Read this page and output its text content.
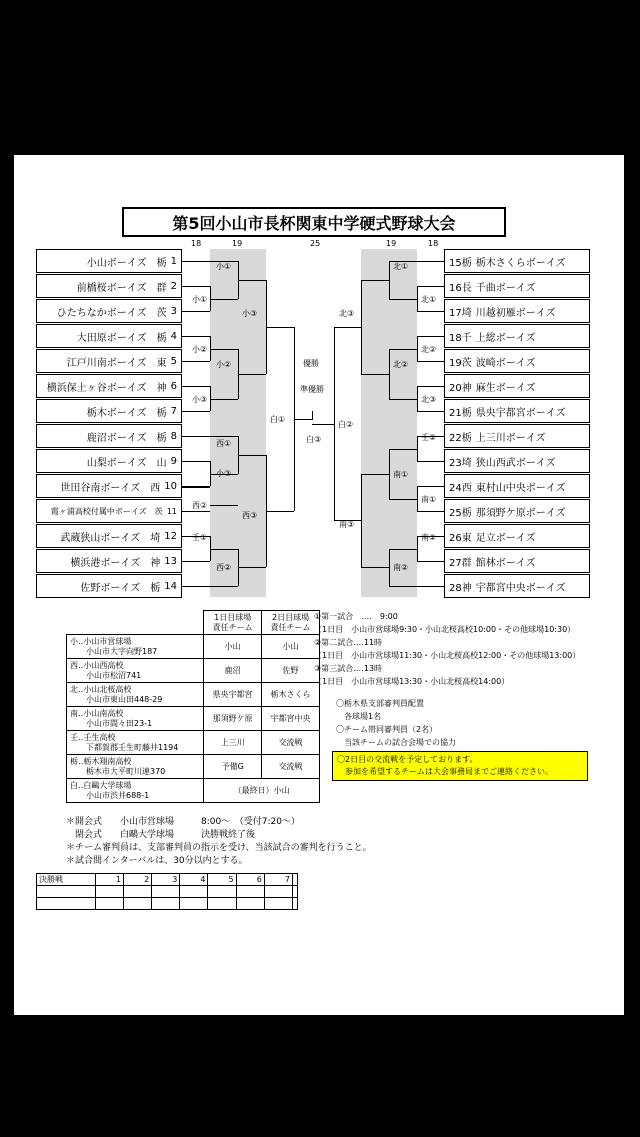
第5回小山市長杯関東中学硬式野球大会
18	19	25	19	18
小山ボーイズ　栃 1
前橋桜ボーイズ　群 2
ひたちなかボーイズ　茨 3
大田原ボーイズ　栃 4
江戸川南ボーイズ　東 5
横浜保土ヶ谷ボーイズ　神 6
栃木ボーイズ　栃 7
鹿沼ボーイズ　栃 8
山梨ボーイズ　山 9
世田谷南ボーイズ　西 10
霞ヶ浦高校付属中ボーイズ　茨 11
武蔵狭山ボーイズ　埼 12
横浜港ボーイズ　神 13
佐野ボーイズ　栃 14
15栃 栃木さくらボーイズ
16長 千曲ボーイズ
17埼 川越初雁ボーイズ
18千 上総ボーイズ
19茨 波崎ボーイズ
20神 麻生ボーイズ
21栃 県央宇都宮ボーイズ
22栃 上三川ボーイズ
23埼 狭山西武ボーイズ
24西 東村山中央ボーイズ
25栃 那須野ケ原ボーイズ
26東 足立ボーイズ
27群 館林ボーイズ
28神 宇都宮中央ボーイズ
小①
小①
小②
小③
小②
小③
西①
小③
壬①
西②
西②
西③
白①
北①
北①
北②
北③
北②
北③
壬②
南①
南①
南②
南②
南③
白②
白③
優勝
準優勝
	1日目球場
責任チーム	2日目球場
責任チーム

小‥小山市営球場
小山市大字向野187	小山	小山

西‥小山西高校
小山市松沼741	鹿沼	佐野

北‥小山北桜高校
小山市東山田448-29	県央宇都宮	栃木さくら

南‥小山南高校
小山市間々田23-1	那須野ケ原	宇都宮中央

壬‥壬生高校
下都賀郡壬生町藤井1194	上三川	交流戦

栃‥栃木翔南高校
栃木市大平町川連370	予備G	交流戦

白‥白鷗大学球場
小山市渋井688-1	（最終日）小山	
①第一試合　‥‥　9:00
（1日目　小山市営球場9:30・小山北桜高校10:00・その他球場10:30）
②第二試合‥‥11時
（1日目　小山市営球場11:30・小山北桜高校12:00・その他球場13:00）
③第三試合‥‥13時
（1日目　小山市営球場13:30・小山北桜高校14:00）
〇栃木県支部審判員配置
　各球場1名
〇チーム帯同審判員（2名）
　当該チームの試合会場での協力
〇2日目の交流戦を予定しております。
　参加を希望するチームは大会事務局までご連絡ください。
＊開会式　　小山市営球場　　　8:00～　（受付7:20～）
　閉会式　　白鷗大学球場　　　決勝戦終了後
＊チーム審判員は、支部審判員の指示を受け、当該試合の審判を行うこと。
＊試合間インターバルは、30分以内とする。
決勝戦	1	2	3	4	5	6	7	
